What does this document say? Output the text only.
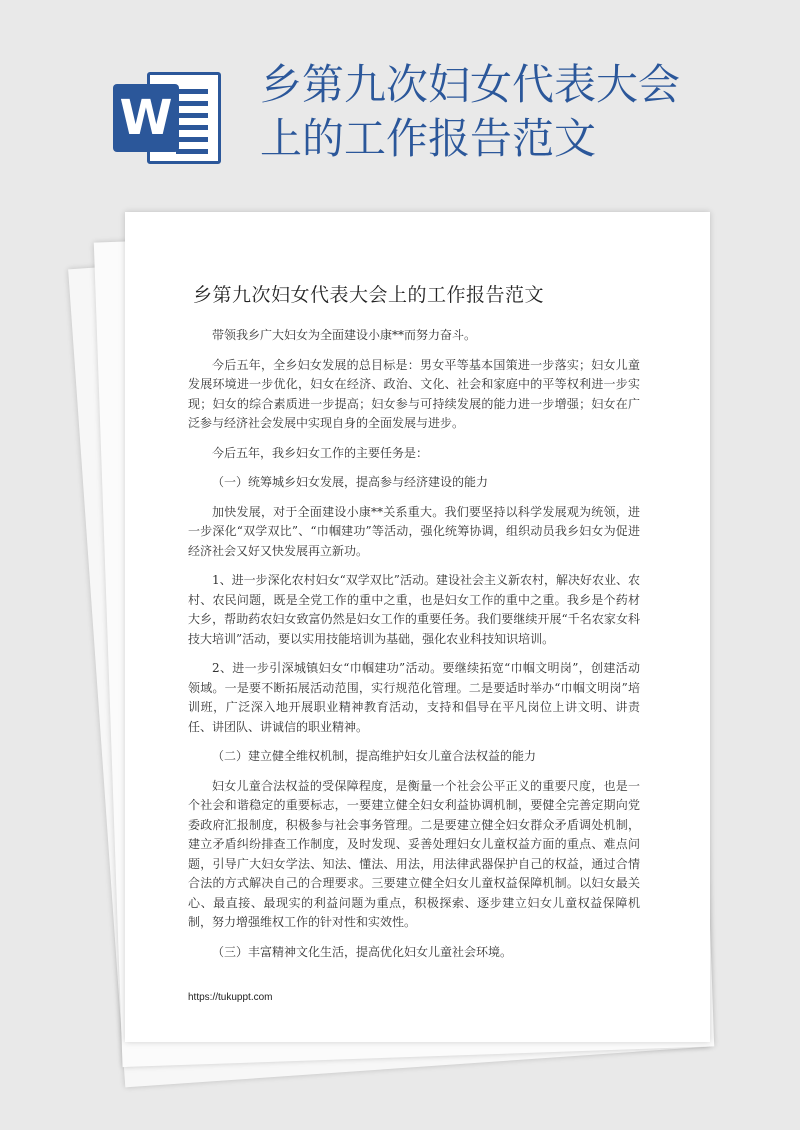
W
乡第九次妇女代表大会
上的工作报告范文
乡第九次妇女代表大会上的工作报告范文

带领我乡广大妇女为全面建设小康**而努力奋斗。

今后五年，全乡妇女发展的总目标是：男女平等基本国策进一步落实；妇女儿童发展环境进一步优化，妇女在经济、政治、文化、社会和家庭中的平等权利进一步实现；妇女的综合素质进一步提高；妇女参与可持续发展的能力进一步增强；妇女在广泛参与经济社会发展中实现自身的全面发展与进步。

今后五年，我乡妇女工作的主要任务是：

（一）统筹城乡妇女发展，提高参与经济建设的能力

加快发展，对于全面建设小康**关系重大。我们要坚持以科学发展观为统领，进一步深化“双学双比”、“巾帼建功”等活动，强化统筹协调，组织动员我乡妇女为促进经济社会又好又快发展再立新功。

1、进一步深化农村妇女“双学双比”活动。建设社会主义新农村，解决好农业、农村、农民问题，既是全党工作的重中之重，也是妇女工作的重中之重。我乡是个药材大乡，帮助药农妇女致富仍然是妇女工作的重要任务。我们要继续开展“千名农家女科技大培训”活动，要以实用技能培训为基础，强化农业科技知识培训。

2、进一步引深城镇妇女“巾帼建功”活动。要继续拓宽“巾帼文明岗”，创建活动领域。一是要不断拓展活动范围，实行规范化管理。二是要适时举办“巾帼文明岗”培训班，广泛深入地开展职业精神教育活动，支持和倡导在平凡岗位上讲文明、讲责任、讲团队、讲诚信的职业精神。

（二）建立健全维权机制，提高维护妇女儿童合法权益的能力

妇女儿童合法权益的受保障程度，是衡量一个社会公平正义的重要尺度，也是一个社会和谐稳定的重要标志，一要建立健全妇女利益协调机制，要健全完善定期向党委政府汇报制度，积极参与社会事务管理。二是要建立健全妇女群众矛盾调处机制，建立矛盾纠纷排查工作制度，及时发现、妥善处理妇女儿童权益方面的重点、难点问题，引导广大妇女学法、知法、懂法、用法，用法律武器保护自己的权益，通过合情合法的方式解决自己的合理要求。三要建立健全妇女儿童权益保障机制。以妇女最关心、最直接、最现实的利益问题为重点，积极探索、逐步建立妇女儿童权益保障机制，努力增强维权工作的针对性和实效性。

（三）丰富精神文化生活，提高优化妇女儿童社会环境。

https://tukuppt.com
